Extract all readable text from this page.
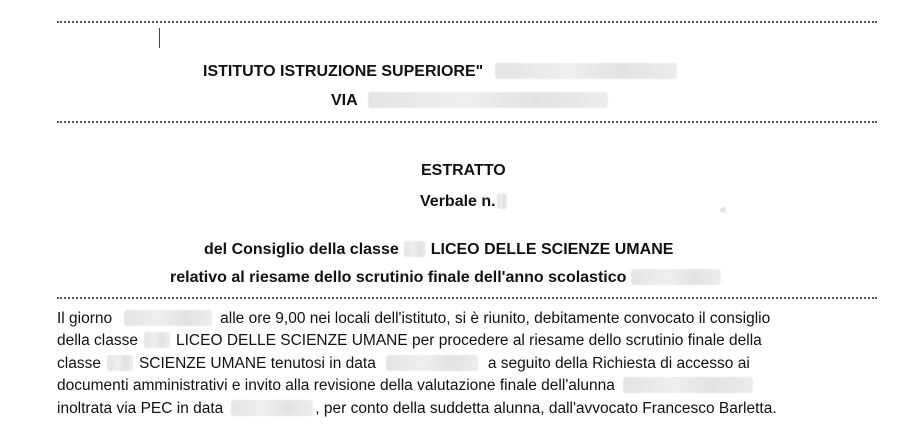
ISTITUTO ISTRUZIONE SUPERIORE"
VIA
ESTRATTO
Verbale n.
del Consiglio della classe LICEO DELLE SCIENZE UMANE
relativo al riesame dello scrutinio finale dell'anno scolastico
Il giorno	alle ore 9,00 nei locali dell'istituto, si è riunito, debitamente convocato il consiglio
della classe LICEO DELLE SCIENZE UMANE per procedere al riesame dello scrutinio finale della
classe SCIENZE UMANE tenutosi in data	a seguito della Richiesta di accesso ai
documenti amministrativi e invito alla revisione della valutazione finale dell'alunna
inoltrata via PEC in data	, per conto della suddetta alunna, dall'avvocato Francesco Barletta.
